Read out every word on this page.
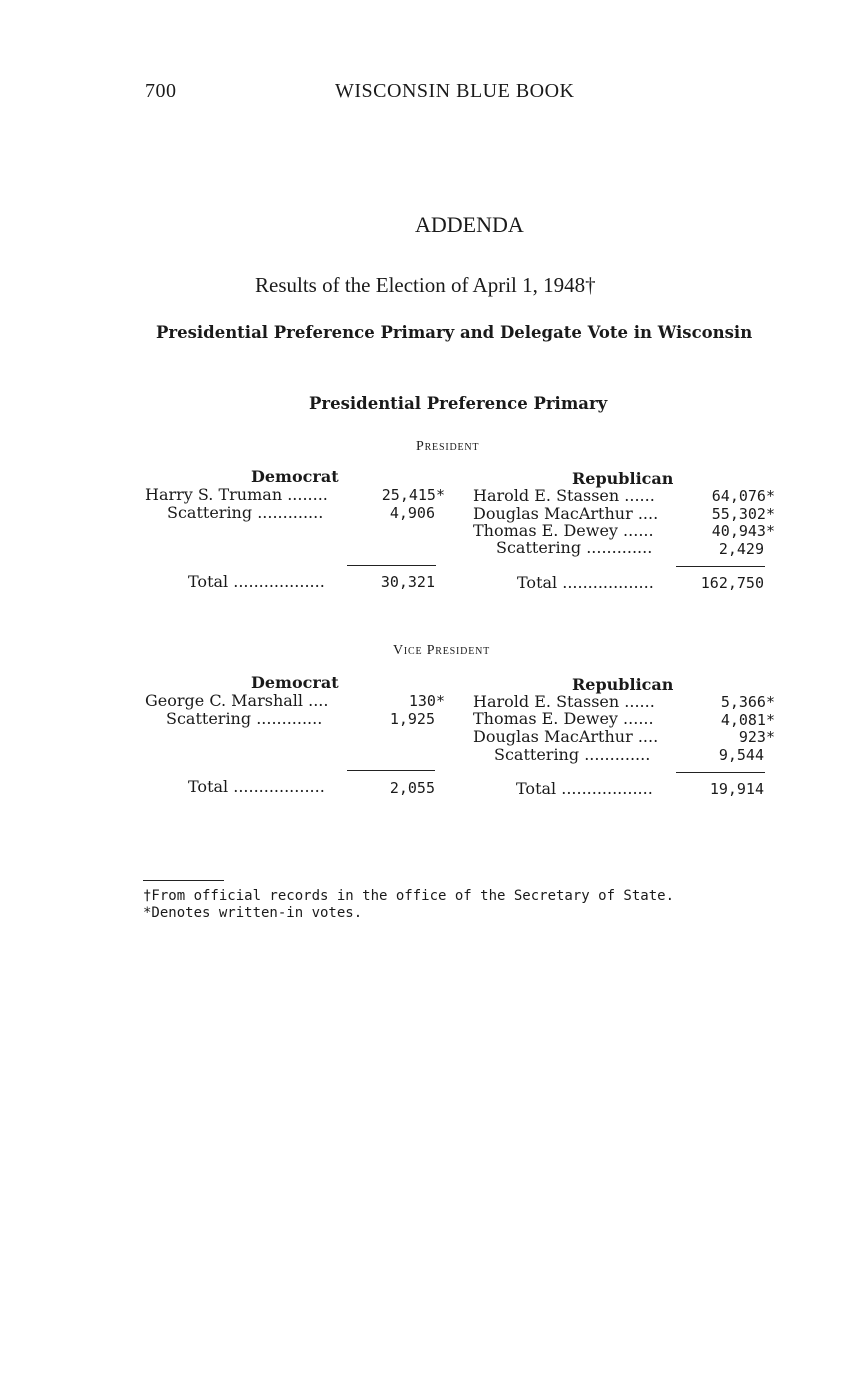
700	WISCONSIN BLUE BOOK
ADDENDA
Results of the Election of April 1, 1948†
Presidential Preference Primary and Delegate Vote in Wisconsin
Presidential Preference Primary
President
Democrat
Harry S. Truman ........	25,415*
Scattering .............	4,906
Total ..................	30,321
Republican
Harold E. Stassen ......	64,076*
Douglas MacArthur ....	55,302*
Thomas E. Dewey ......	40,943*
Scattering .............	2,429
Total ..................	162,750
Vice President
Democrat
George C. Marshall ....	130*
Scattering .............	1,925
Total ..................	2,055
Republican
Harold E. Stassen ......	5,366*
Thomas E. Dewey ......	4,081*
Douglas MacArthur ....	923*
Scattering .............	9,544
Total ..................	19,914
†From official records in the office of the Secretary of State.
*Denotes written-in votes.
